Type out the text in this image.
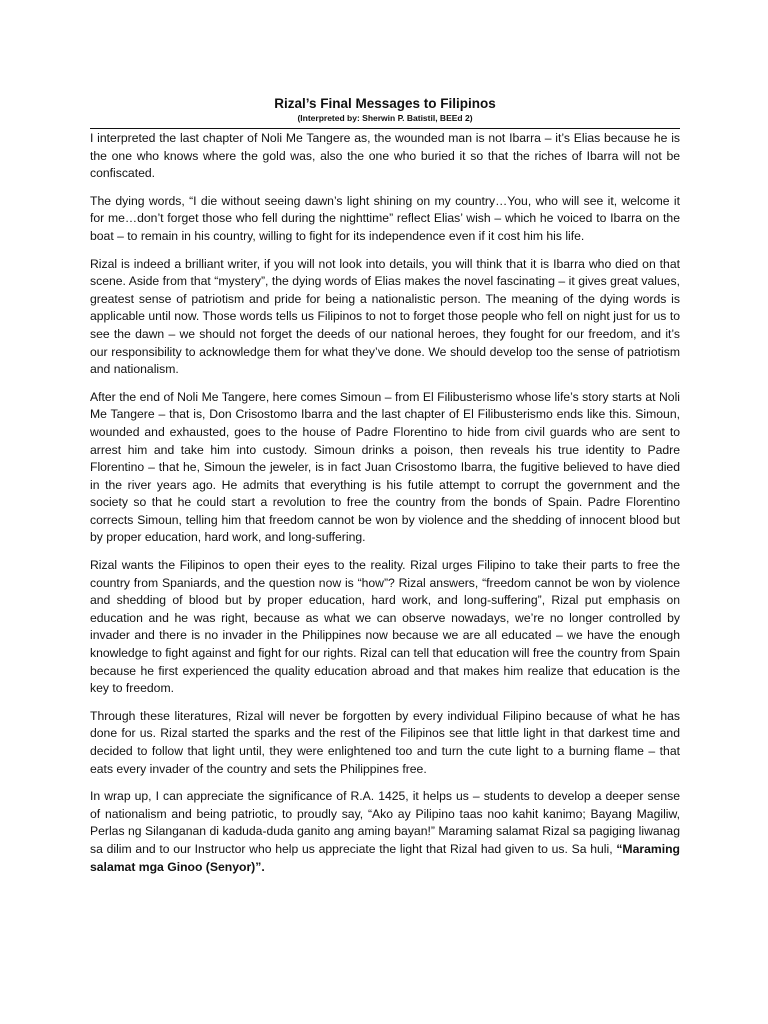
Rizal’s Final Messages to Filipinos
(Interpreted by: Sherwin P. Batistil, BEEd 2)

I interpreted the last chapter of Noli Me Tangere as, the wounded man is not Ibarra – it’s Elias because he is the one who knows where the gold was, also the one who buried it so that the riches of Ibarra will not be confiscated.

The dying words, “I die without seeing dawn’s light shining on my country…You, who will see it, welcome it for me…don’t forget those who fell during the nighttime” reflect Elias’ wish – which he voiced to Ibarra on the boat – to remain in his country, willing to fight for its independence even if it cost him his life.

Rizal is indeed a brilliant writer, if you will not look into details, you will think that it is Ibarra who died on that scene. Aside from that “mystery”, the dying words of Elias makes the novel fascinating – it gives great values, greatest sense of patriotism and pride for being a nationalistic person. The meaning of the dying words is applicable until now. Those words tells us Filipinos to not to forget those people who fell on night just for us to see the dawn – we should not forget the deeds of our national heroes, they fought for our freedom, and it’s our responsibility to acknowledge them for what they’ve done. We should develop too the sense of patriotism and nationalism.

After the end of Noli Me Tangere, here comes Simoun – from El Filibusterismo whose life’s story starts at Noli Me Tangere – that is, Don Crisostomo Ibarra and the last chapter of El Filibusterismo ends like this. Simoun, wounded and exhausted, goes to the house of Padre Florentino to hide from civil guards who are sent to arrest him and take him into custody. Simoun drinks a poison, then reveals his true identity to Padre Florentino – that he, Simoun the jeweler, is in fact Juan Crisostomo Ibarra, the fugitive believed to have died in the river years ago. He admits that everything is his futile attempt to corrupt the government and the society so that he could start a revolution to free the country from the bonds of Spain. Padre Florentino corrects Simoun, telling him that freedom cannot be won by violence and the shedding of innocent blood but by proper education, hard work, and long-suffering.

Rizal wants the Filipinos to open their eyes to the reality. Rizal urges Filipino to take their parts to free the country from Spaniards, and the question now is “how”? Rizal answers, “freedom cannot be won by violence and shedding of blood but by proper education, hard work, and long-suffering”, Rizal put emphasis on education and he was right, because as what we can observe nowadays, we’re no longer controlled by invader and there is no invader in the Philippines now because we are all educated – we have the enough knowledge to fight against and fight for our rights. Rizal can tell that education will free the country from Spain because he first experienced the quality education abroad and that makes him realize that education is the key to freedom.

Through these literatures, Rizal will never be forgotten by every individual Filipino because of what he has done for us. Rizal started the sparks and the rest of the Filipinos see that little light in that darkest time and decided to follow that light until, they were enlightened too and turn the cute light to a burning flame – that eats every invader of the country and sets the Philippines free.

In wrap up, I can appreciate the significance of R.A. 1425, it helps us – students to develop a deeper sense of nationalism and being patriotic, to proudly say, “Ako ay Pilipino taas noo kahit kanimo; Bayang Magiliw, Perlas ng Silanganan di kaduda-duda ganito ang aming bayan!” Maraming salamat Rizal sa pagiging liwanag sa dilim and to our Instructor who help us appreciate the light that Rizal had given to us. Sa huli, “Maraming salamat mga Ginoo (Senyor)”.
